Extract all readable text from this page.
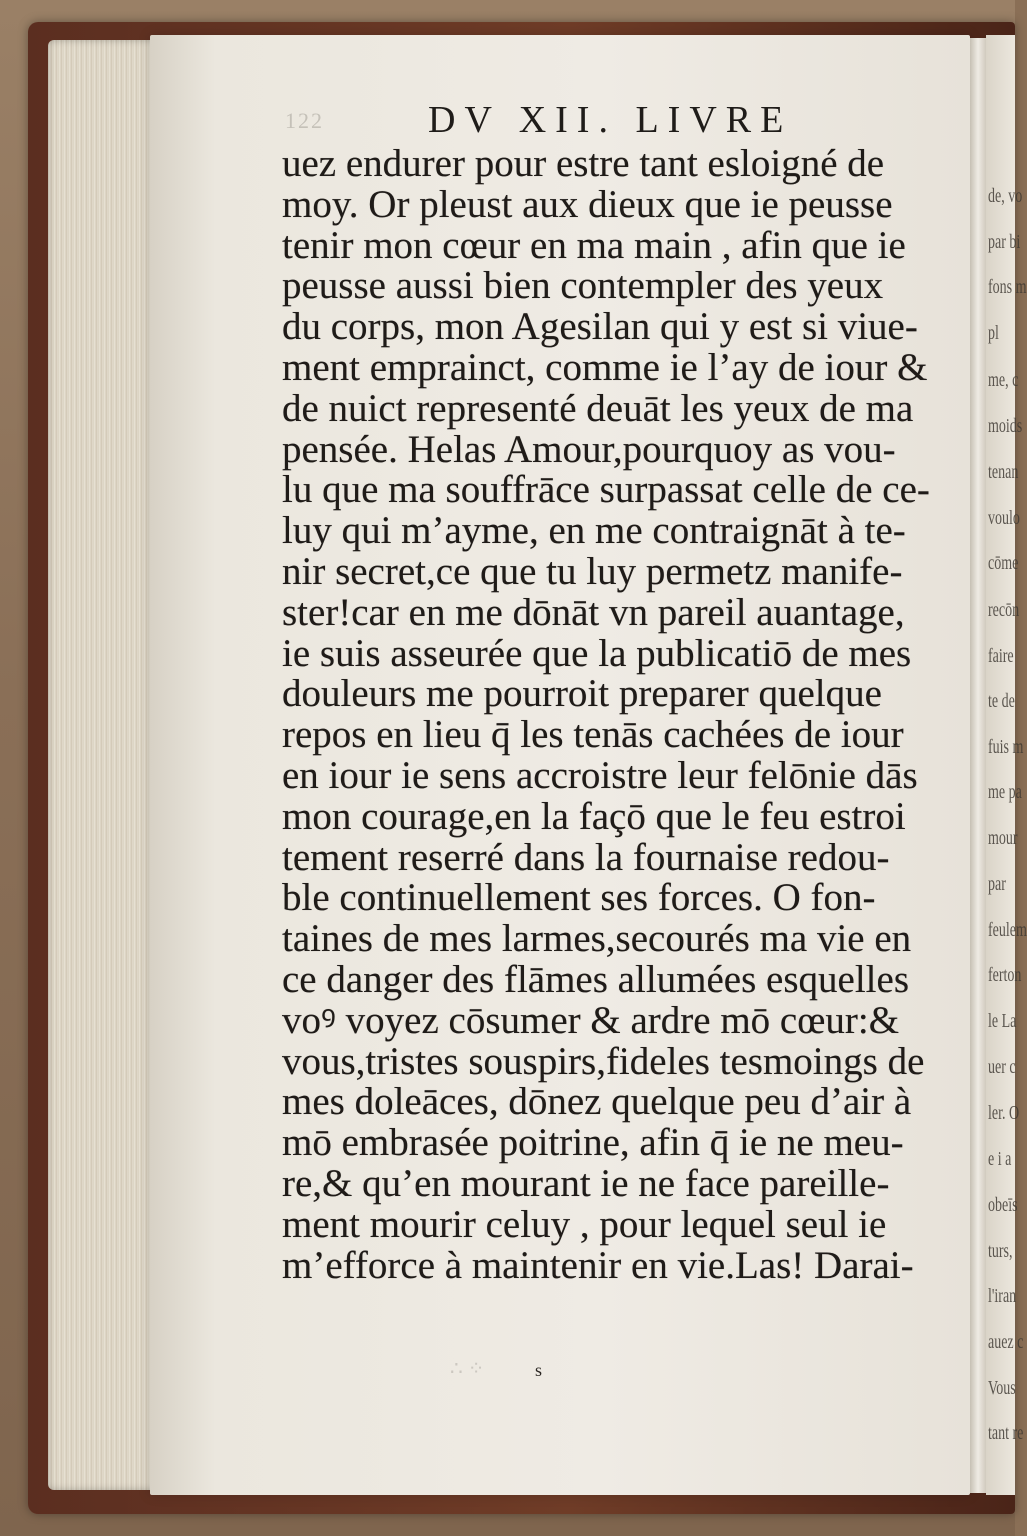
de, vo
par bi
fons m
pl
me, c
moids
tenan
voulo
cōme
recōn
faire
te de
fuis m
me pa
mour
par
feulem
ferton
le La
uer c
ler. O
e i a
obeīs
turs,
l'iran
auez c
Vous
tant re
122	DV XII. LIVRE
uez endurer pour estre tant esloigné de
moy. Or pleust aux dieux que ie peusse
tenir mon cœur en ma main , afin que ie
peusse aussi bien contempler des yeux
du corps, mon Agesilan qui y est si viue-
ment emprainct, comme ie l’ay de iour &
de nuict representé deuāt les yeux de ma
pensée. Helas Amour,pourquoy as vou-
lu que ma souffrāce surpassat celle de ce-
luy qui m’ayme, en me contraignāt à te-
nir secret,ce que tu luy permetz manife-
ster!car en me dōnāt vn pareil auantage,
ie suis asseurée que la publicatiō de mes
douleurs me pourroit preparer quelque
repos en lieu q̄ les tenās cachées de iour
en iour ie sens accroistre leur felōnie dās
mon courage,en la façō que le feu estroi
tement reserré dans la fournaise redou-
ble continuellement ses forces. O fon-
taines de mes larmes,secourés ma vie en
ce danger des flāmes allumées esquelles
voꝰ voyez cōsumer & ardre mō cœur:&
vous,tristes souspirs,fideles tesmoings de
mes doleāces, dōnez quelque peu d’air à
mō embrasée poitrine, afin q̄ ie ne meu-
re,& qu’en mourant ie ne face pareille-
ment mourir celuy , pour lequel seul ie
m’efforce à maintenir en vie.Las! Darai-
∴ ⁘	s
